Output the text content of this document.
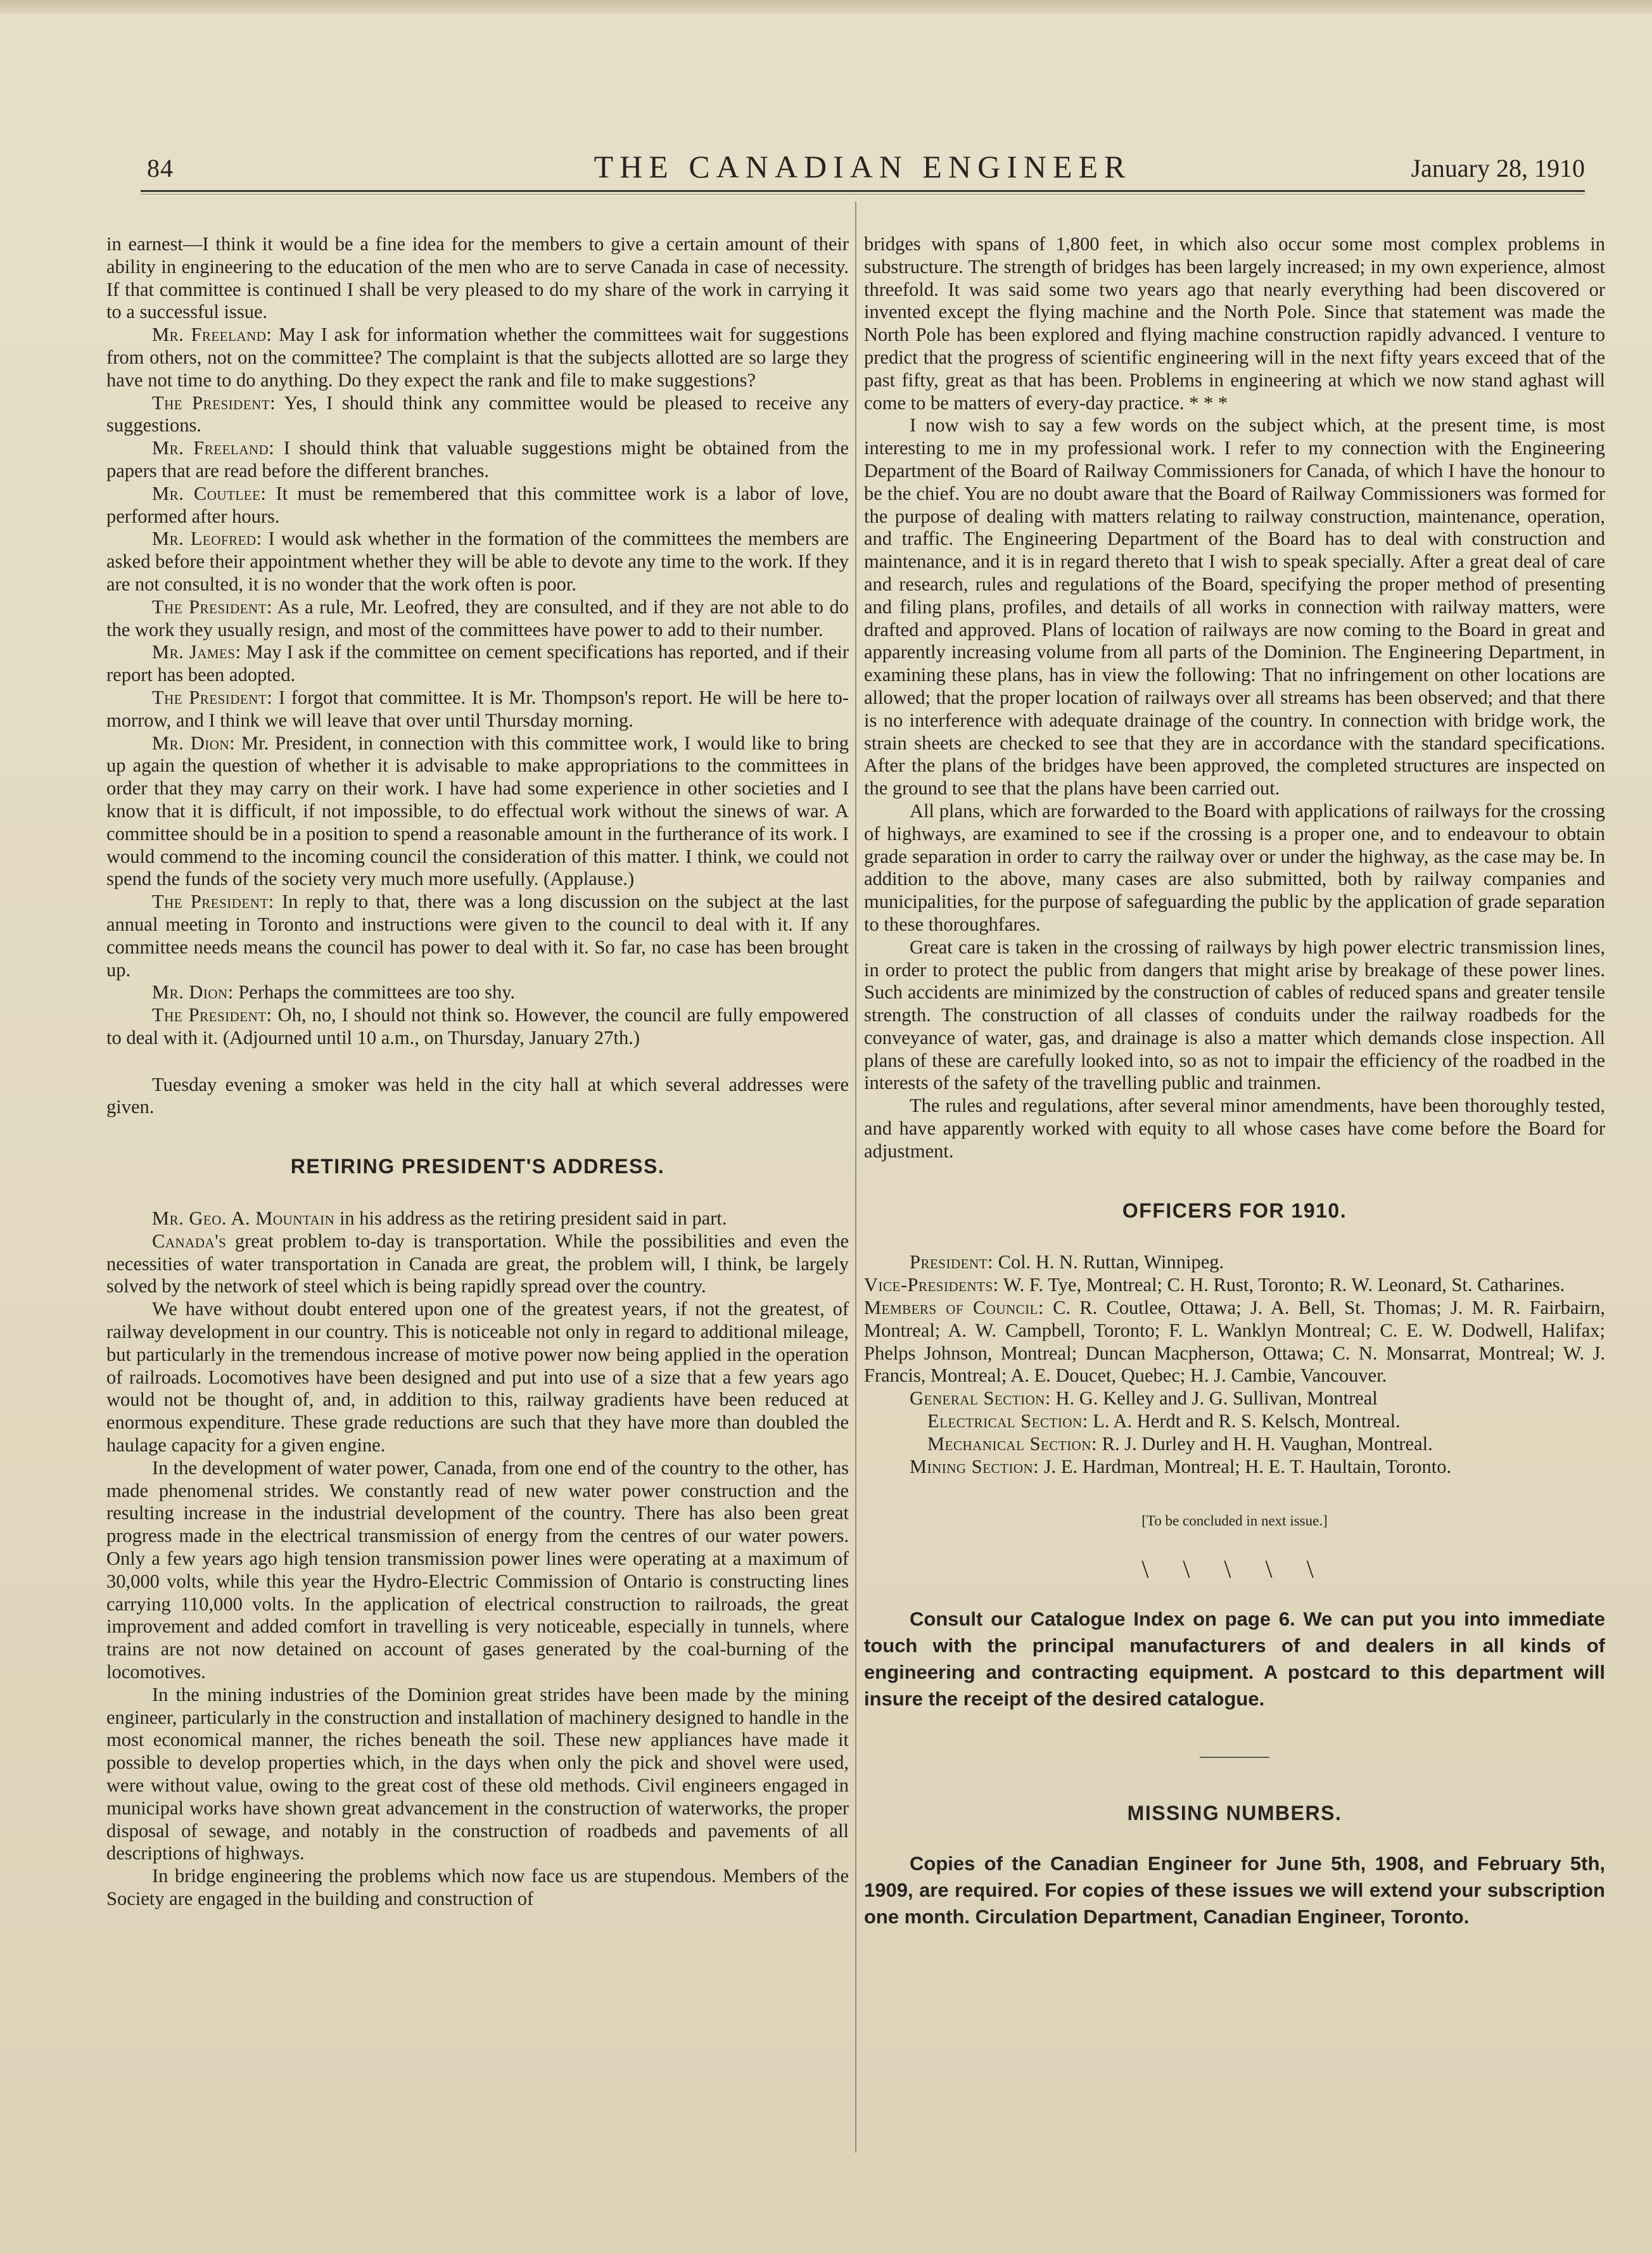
84	THE CANADIAN ENGINEER	January 28, 1910

in earnest—I think it would be a fine idea for the members to give a certain amount of their ability in engineering to the education of the men who are to serve Canada in case of necessity. If that committee is continued I shall be very pleased to do my share of the work in carrying it to a successful issue.

Mr. Freeland: May I ask for information whether the committees wait for suggestions from others, not on the committee? The complaint is that the subjects allotted are so large they have not time to do anything. Do they expect the rank and file to make suggestions?

The President: Yes, I should think any committee would be pleased to receive any suggestions.

Mr. Freeland: I should think that valuable suggestions might be obtained from the papers that are read before the different branches.

Mr. Coutlee: It must be remembered that this committee work is a labor of love, performed after hours.

Mr. Leofred: I would ask whether in the formation of the committees the members are asked before their appointment whether they will be able to devote any time to the work. If they are not consulted, it is no wonder that the work often is poor.

The President: As a rule, Mr. Leofred, they are consulted, and if they are not able to do the work they usually resign, and most of the committees have power to add to their number.

Mr. James: May I ask if the committee on cement specifications has reported, and if their report has been adopted.

The President: I forgot that committee. It is Mr. Thompson's report. He will be here to-morrow, and I think we will leave that over until Thursday morning.

Mr. Dion: Mr. President, in connection with this committee work, I would like to bring up again the question of whether it is advisable to make appropriations to the committees in order that they may carry on their work. I have had some experience in other societies and I know that it is difficult, if not impossible, to do effectual work without the sinews of war. A committee should be in a position to spend a reasonable amount in the furtherance of its work. I would commend to the incoming council the consideration of this matter. I think, we could not spend the funds of the society very much more usefully. (Applause.)

The President: In reply to that, there was a long discussion on the subject at the last annual meeting in Toronto and instructions were given to the council to deal with it. If any committee needs means the council has power to deal with it. So far, no case has been brought up.

Mr. Dion: Perhaps the committees are too shy.

The President: Oh, no, I should not think so. However, the council are fully empowered to deal with it. (Adjourned until 10 a.m., on Thursday, January 27th.)

Tuesday evening a smoker was held in the city hall at which several addresses were given.

RETIRING PRESIDENT'S ADDRESS.

Mr. Geo. A. Mountain in his address as the retiring president said in part.

Canada's great problem to-day is transportation. While the possibilities and even the necessities of water transportation in Canada are great, the problem will, I think, be largely solved by the network of steel which is being rapidly spread over the country.

We have without doubt entered upon one of the greatest years, if not the greatest, of railway development in our country. This is noticeable not only in regard to additional mileage, but particularly in the tremendous increase of motive power now being applied in the operation of railroads. Locomotives have been designed and put into use of a size that a few years ago would not be thought of, and, in addition to this, railway gradients have been reduced at enormous expenditure. These grade reductions are such that they have more than doubled the haulage capacity for a given engine.

In the development of water power, Canada, from one end of the country to the other, has made phenomenal strides. We constantly read of new water power construction and the resulting increase in the industrial development of the country. There has also been great progress made in the electrical transmission of energy from the centres of our water powers. Only a few years ago high tension transmission power lines were operating at a maximum of 30,000 volts, while this year the Hydro-Electric Commission of Ontario is constructing lines carrying 110,000 volts. In the application of electrical construction to railroads, the great improvement and added comfort in travelling is very noticeable, especially in tunnels, where trains are not now detained on account of gases generated by the coal-burning of the locomotives.

In the mining industries of the Dominion great strides have been made by the mining engineer, particularly in the construction and installation of machinery designed to handle in the most economical manner, the riches beneath the soil. These new appliances have made it possible to develop properties which, in the days when only the pick and shovel were used, were without value, owing to the great cost of these old methods. Civil engineers engaged in municipal works have shown great advancement in the construction of waterworks, the proper disposal of sewage, and notably in the construction of roadbeds and pavements of all descriptions of highways.

In bridge engineering the problems which now face us are stupendous. Members of the Society are engaged in the building and construction of

bridges with spans of 1,800 feet, in which also occur some most complex problems in substructure. The strength of bridges has been largely increased; in my own experience, almost threefold. It was said some two years ago that nearly everything had been discovered or invented except the flying machine and the North Pole. Since that statement was made the North Pole has been explored and flying machine construction rapidly advanced. I venture to predict that the progress of scientific engineering will in the next fifty years exceed that of the past fifty, great as that has been. Problems in engineering at which we now stand aghast will come to be matters of every-day practice. * * *

I now wish to say a few words on the subject which, at the present time, is most interesting to me in my professional work. I refer to my connection with the Engineering Department of the Board of Railway Commissioners for Canada, of which I have the honour to be the chief. You are no doubt aware that the Board of Railway Commissioners was formed for the purpose of dealing with matters relating to railway construction, maintenance, operation, and traffic. The Engineering Department of the Board has to deal with construction and maintenance, and it is in regard thereto that I wish to speak specially. After a great deal of care and research, rules and regulations of the Board, specifying the proper method of presenting and filing plans, profiles, and details of all works in connection with railway matters, were drafted and approved. Plans of location of railways are now coming to the Board in great and apparently increasing volume from all parts of the Dominion. The Engineering Department, in examining these plans, has in view the following: That no infringement on other locations are allowed; that the proper location of railways over all streams has been observed; and that there is no interference with adequate drainage of the country. In connection with bridge work, the strain sheets are checked to see that they are in accordance with the standard specifications. After the plans of the bridges have been approved, the completed structures are inspected on the ground to see that the plans have been carried out.

All plans, which are forwarded to the Board with applications of railways for the crossing of highways, are examined to see if the crossing is a proper one, and to endeavour to obtain grade separation in order to carry the railway over or under the highway, as the case may be. In addition to the above, many cases are also submitted, both by railway companies and municipalities, for the purpose of safeguarding the public by the application of grade separation to these thoroughfares.

Great care is taken in the crossing of railways by high power electric transmission lines, in order to protect the public from dangers that might arise by breakage of these power lines. Such accidents are minimized by the construction of cables of reduced spans and greater tensile strength. The construction of all classes of conduits under the railway roadbeds for the conveyance of water, gas, and drainage is also a matter which demands close inspection. All plans of these are carefully looked into, so as not to impair the efficiency of the roadbed in the interests of the safety of the travelling public and trainmen.

The rules and regulations, after several minor amendments, have been thoroughly tested, and have apparently worked with equity to all whose cases have come before the Board for adjustment.

OFFICERS FOR 1910.

President: Col. H. N. Ruttan, Winnipeg.

Vice-Presidents: W. F. Tye, Montreal; C. H. Rust, Toronto; R. W. Leonard, St. Catharines.

Members of Council: C. R. Coutlee, Ottawa; J. A. Bell, St. Thomas; J. M. R. Fairbairn, Montreal; A. W. Campbell, Toronto; F. L. Wanklyn Montreal; C. E. W. Dodwell, Halifax; Phelps Johnson, Montreal; Duncan Macpherson, Ottawa; C. N. Monsarrat, Montreal; W. J. Francis, Montreal; A. E. Doucet, Quebec; H. J. Cambie, Vancouver.

General Section: H. G. Kelley and J. G. Sullivan, Montreal

Electrical Section: L. A. Herdt and R. S. Kelsch, Montreal.

Mechanical Section: R. J. Durley and H. H. Vaughan, Montreal.

Mining Section: J. E. Hardman, Montreal; H. E. T. Haultain, Toronto.

[To be concluded in next issue.]
\ \ \ \ \

Consult our Catalogue Index on page 6. We can put you into immediate touch with the principal manufacturers of and dealers in all kinds of engineering and contracting equipment. A postcard to this department will insure the receipt of the desired catalogue.

MISSING NUMBERS.

Copies of the Canadian Engineer for June 5th, 1908, and February 5th, 1909, are required. For copies of these issues we will extend your subscription one month. Circulation Department, Canadian Engineer, Toronto.
